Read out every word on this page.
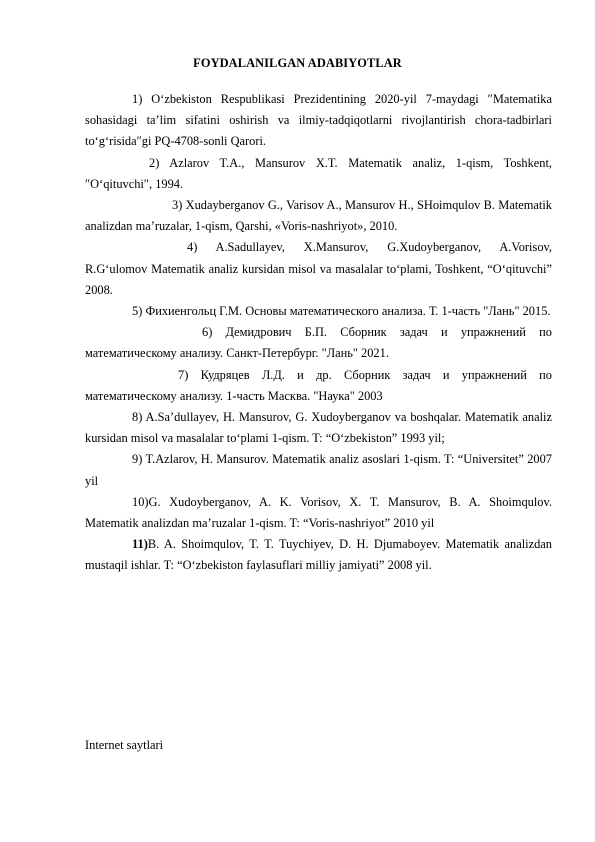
FOYDALANILGAN ADABIYOTLAR

1) O‘zbekiston Respublikasi Prezidentining 2020-yil 7-maydagi ″Matematika sohasidagi ta’lim sifatini oshirish va ilmiy-tadqiqotlarni rivojlantirish chora-tadbirlari to‘g‘risida″gi PQ-4708-sonli Qarori.

2) Azlarov T.A., Mansurov X.T. Matematik analiz, 1-qism, Toshkent, ″O‘qituvchi″, 1994.

3) Xudayberganov G., Varisov A., Mansurov H., SHoimqulov B. Matematik analizdan ma’ruzalar, 1-qism, Qarshi, «Voris-nashriyot», 2010.

4) A.Sadullayev, X.Mansurov, G.Xudoyberganov, A.Vorisov, R.G‘ulomov Matematik analiz kursidan misol va masalalar to‘plami, Toshkent, “O‘qituvchi” 2008.

5) Фихиенгольц Г.М. Основы математического анализа. Т. 1-часть "Лань" 2015.

6) Демидрович Б.П. Сборник задач и упражнений по математическому анализу. Санкт-Петербург. "Лань" 2021.

7) Кудряцев Л.Д. и др. Сборник задач и упражнений по математическому анализу. 1-часть Масква. "Наука" 2003

8) A.Sa’dullayev, H. Mansurov, G. Xudoyberganov va boshqalar. Matematik analiz kursidan misol va masalalar to‘plami 1-qism. T: “O‘zbekiston” 1993 yil;

9) T.Azlarov, H. Mansurov. Matematik analiz asoslari 1-qism. T: “Universitet” 2007 yil

10)G. Xudoyberganov, A. K. Vorisov, X. T. Mansurov, B. A. Shoimqulov. Matematik analizdan ma’ruzalar 1-qism. T: “Voris-nashriyot” 2010 yil

11)B. A. Shoimqulov, T. T. Tuychiyev, D. H. Djumaboyev. Matematik analizdan mustaqil ishlar. T: “O‘zbekiston faylasuflari milliy jamiyati” 2008 yil.

Internet saytlari
